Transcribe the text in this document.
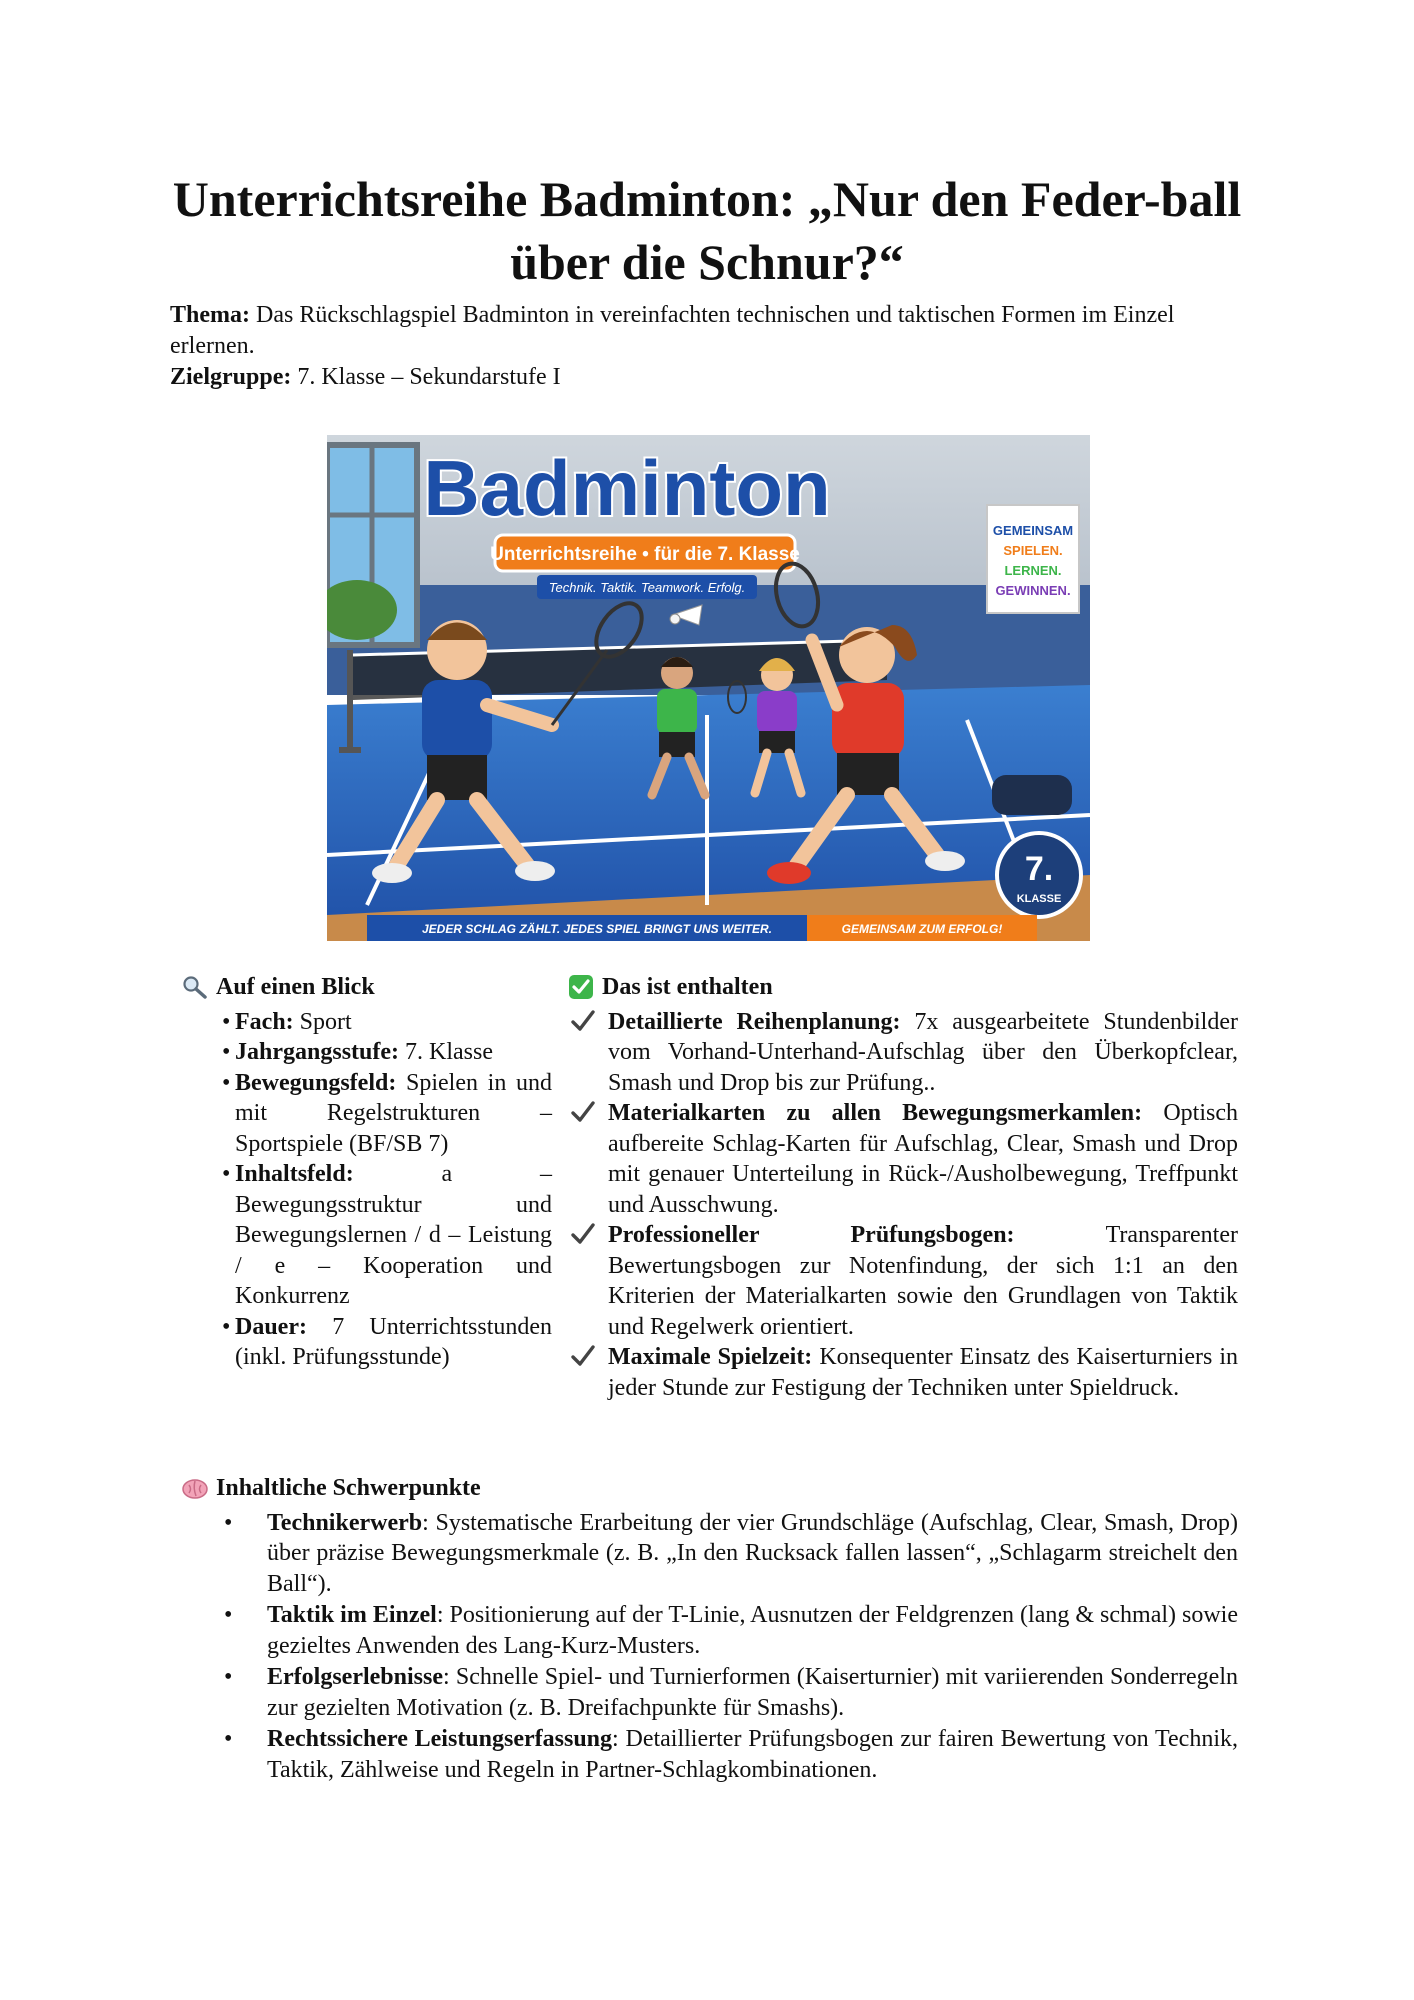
Unterrichtsreihe Badminton: „Nur den Feder-ball über die Schnur?“

Thema: Das Rückschlagspiel Badminton in vereinfachten technischen und taktischen Formen im Einzel erlernen.

Zielgruppe: 7. Klasse – Sekundarstufe I

GEMEINSAM
SPIELEN.
LERNEN.
GEWINNEN.
Badminton
Unterrichtsreihe • für die 7. Klasse
Technik. Taktik. Teamwork. Erfolg.
7.
KLASSE
JEDER SCHLAG ZÄHLT. JEDES SPIEL BRINGT UNS WEITER.	GEMEINSAM ZUM ERFOLG!
Auf einen Blick
• Fach: Sport
• Jahrgangsstufe: 7. Klasse
• Bewegungsfeld: Spielen in und mit Regelstrukturen – Sportspiele (BF/SB 7)
• Inhaltsfeld:	a – Bewegungsstruktur und Bewegungslernen / d – Leistung / e – Kooperation und Konkurrenz
• Dauer: 7 Unterrichtsstunden (inkl. Prüfungsstunde)
Das ist enthalten
Detaillierte Reihenplanung: 7x ausgearbeitete Stundenbilder vom Vorhand-Unterhand-Aufschlag über den Überkopfclear, Smash und Drop bis zur Prüfung..
Materialkarten zu allen Bewegungsmerkamlen: Optisch aufbereite Schlag-Karten für Aufschlag, Clear, Smash und Drop mit genauer Unterteilung in Rück-/Ausholbewegung, Treffpunkt und Ausschwung.
Professioneller Prüfungsbogen:	Transparenter Bewertungsbogen zur Notenfindung, der sich 1:1 an den Kriterien der Materialkarten sowie den Grundlagen von Taktik und Regelwerk orientiert.
Maximale Spielzeit: Konsequenter Einsatz des Kaiserturniers in jeder Stunde zur Festigung der Techniken unter Spieldruck.
Inhaltliche Schwerpunkte
• Technikerwerb: Systematische Erarbeitung der vier Grundschläge (Aufschlag, Clear, Smash, Drop) über präzise Bewegungsmerkmale (z. B. „In den Rucksack fallen lassen“, „Schlagarm streichelt den Ball“).
• Taktik im Einzel: Positionierung auf der T-Linie, Ausnutzen der Feldgrenzen (lang & schmal) sowie gezieltes Anwenden des Lang-Kurz-Musters.
• Erfolgserlebnisse: Schnelle Spiel- und Turnierformen (Kaiserturnier) mit variierenden Sonderregeln zur gezielten Motivation (z. B. Dreifachpunkte für Smashs).
• Rechtssichere Leistungserfassung: Detaillierter Prüfungsbogen zur fairen Bewertung von Technik, Taktik, Zählweise und Regeln in Partner-Schlagkombinationen.
